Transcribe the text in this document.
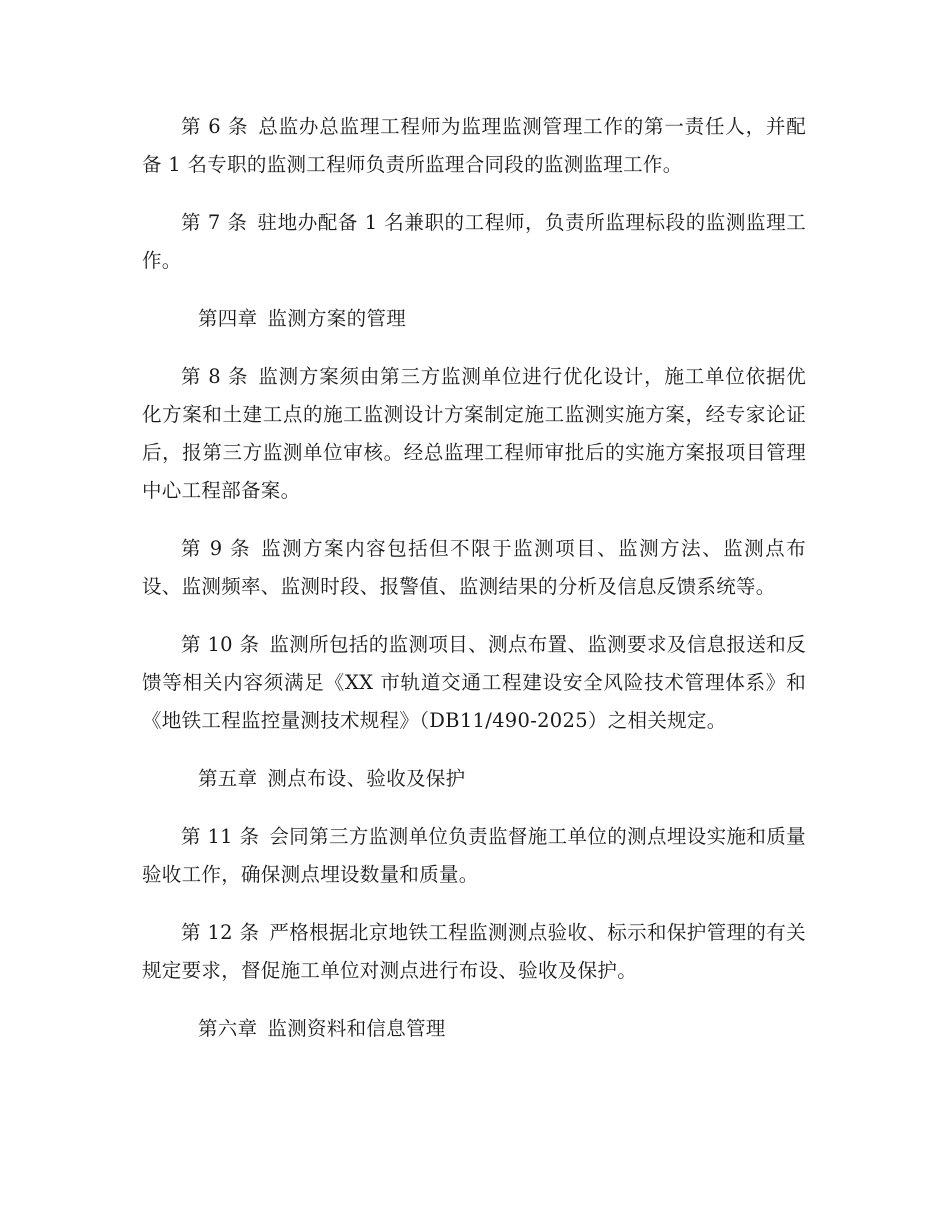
第 6 条 总监办总监理工程师为监理监测管理工作的第一责任人，并配备 1 名专职的监测工程师负责所监理合同段的监测监理工作。

第 7 条 驻地办配备 1 名兼职的工程师，负责所监理标段的监测监理工作。

第四章 监测方案的管理

第 8 条 监测方案须由第三方监测单位进行优化设计，施工单位依据优化方案和土建工点的施工监测设计方案制定施工监测实施方案，经专家论证后，报第三方监测单位审核。经总监理工程师审批后的实施方案报项目管理中心工程部备案。

第 9 条 监测方案内容包括但不限于监测项目、监测方法、监测点布设、监测频率、监测时段、报警值、监测结果的分析及信息反馈系统等。

第 10 条 监测所包括的监测项目、测点布置、监测要求及信息报送和反馈等相关内容须满足《XX 市轨道交通工程建设安全风险技术管理体系》和《地铁工程监控量测技术规程》（DB11/490-2025）之相关规定。

第五章 测点布设、验收及保护

第 11 条 会同第三方监测单位负责监督施工单位的测点埋设实施和质量验收工作，确保测点埋设数量和质量。

第 12 条 严格根据北京地铁工程监测测点验收、标示和保护管理的有关规定要求，督促施工单位对测点进行布设、验收及保护。

第六章 监测资料和信息管理
